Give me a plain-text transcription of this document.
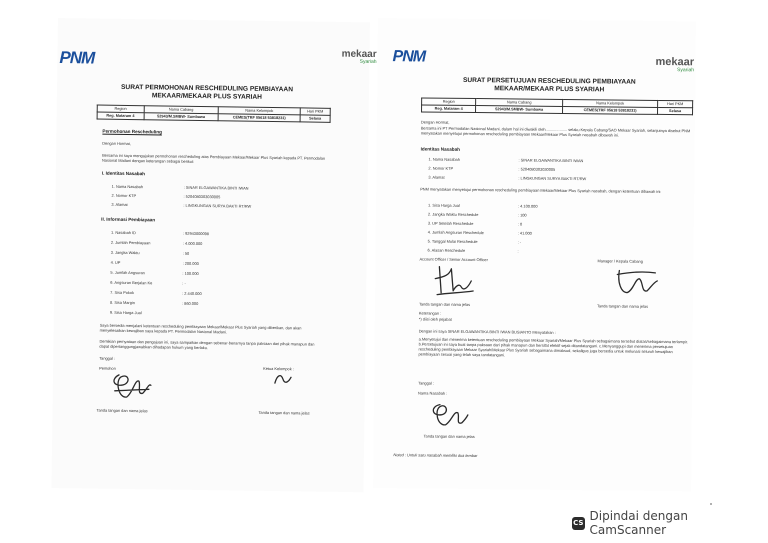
PNM
SURAT PERMOHONAN RESCHEDULING PEMBIAYAAN
MEKAAR/MEKAAR PLUS SYARIAH
Region	Nama Cabang	Nama Kelompok	Hari PKM
Reg. Mataram 4	52943/M.SMBW- Sumbawa	CEMES(TRF 05618 53818231)	Selasa
Permohonan Rescheduling
Dengan Hormat,
Bersama ini saya mengajukan permohonan rescheduling atas Pembiayaan Mekaar/Mekaar Plus Syariah kepada PT. Permodalan Nasional Madani dengan keterangan sebagai berikut:
I. Identitas Nasabah
1. Nama Nasabah	: SINAR ELGAWANTIKA BINTI IWAN
2. Nomor KTP	: 5204080303030005
3. Alamat	: LINGKUNGAN SURYA BAKTI RT/RW
II. Informasi Pembiayaan
1. Nasabah ID	: 92943000098
2. Jumlah Pembiayaan	: 4.000.000
3. Jangka Waktu	: 50
4. UP	: 200.000
5. Jumlah Angsuran	: 100.000
6. Angsuran Berjalan Ke	: -
7. Sisa Pokok	: 2.440.000
8. Sisa Margin	: 860.000
9. Sisa Harga Jual
Saya bersedia menjalani ketentuan rescheduling pembiayaan Mekaar/Mekaar Plus Syariah yang diberikan, dan akan menyelesaikan kewajiban saya kepada PT. Permodalan Nasional Madani.
Demikian pernyataan dan pengajuan ini, saya sampaikan dengan sebenar-benarnya tanpa paksaan dari pihak manapun dan dapat dipertanggungjawabkan dihadapan hukum yang berlaku.
Tanggal :
Pemohon	Ketua Kelompok :
Tanda tangan dan nama jelas	Tanda tangan dan nama jelas
mekaar
Syariah PNM	mekaar
Syariah
SURAT PERSETUJUAN RESCHEDULING PEMBIAYAAN
MEKAAR/MEKAAR PLUS SYARIAH
Region	Nama Cabang	Nama Kelompok	Hari PKM
Reg. Mataram 4	52943/M.SMBW- Sumbawa	CEMES(TRF 05618 53818231)	Selasa
Dengan Hormat,
Bersama ini PT Permodalan Nasional Madani, dalam hal ini diwakili oleh.................... selaku Kepala Cabang/SAO Mekaar Syariah, selanjutnya disebut PNM menyatakan menyetujui permohonan rescheduling pembiayaan Mekaar/Mekaar Plus Syariah nasabah dibawah ini.
Identitas Nasabah
1. Nama Nasabah	: SINAR ELGAWANTIKA BINTI IWAN
2. Nomor KTP	: 5204080303030005
3. Alamat	: LINGKUNGAN SURYA BAKTI RT/RW
PNM menyatakan menyetujui permohonan rescheduling pembiayaan Mekaar/Mekaar Plus Syariah nasabah, dengan ketentuan dibawah ini:
1. Sisa Harga Jual	: 4.100.000
2. Jangka Waktu Reschedule	: 100
3. UP Setelah Reschedule	: 0
4. Jumlah Angsuran Reschedule	: 41.000
5. Tanggal Mulai Reschedule	: -
6. Alasan Reschedule	:
Account Officer / Senior Account Officer	Manager / Kepala Cabang
Tanda tangan dan nama jelas	Tanda tangan dan nama jelas
Keterangan :
*) diisi oleh pejabat
Dengan ini saya SINAR ELGAWANTIKA BINTI IWAN BUSIANTO Menyatakan :
a.Menyetujui dan menerima ketentuan rescheduling pembiayaan Mekaar Syariah/Mekaar Plus Syariah sebagaimana tersebut diatas/sebagaimana terlampir. b.Persetujuan ini saya buat tanpa paksaan dari pihak manapun dan bersifat efektif sejak ditandatangani. c.Menyanggupi dan menerima persetujuan rescheduling pembiayaan Mekaar Syariah/Mekaar Plus Syariah sebagaimana dimaksud, sekaligus juga bersedia untuk melunasi seluruh kewajiban pembiayaan sesuai yang telah saya tandatangani.
Tanggal :
Nama Nasabah :
Tanda tangan dan nama jelas
Noted : Untuk satu nasabah memiliki dua lembar
CS Dipindai dengan CamScanner
